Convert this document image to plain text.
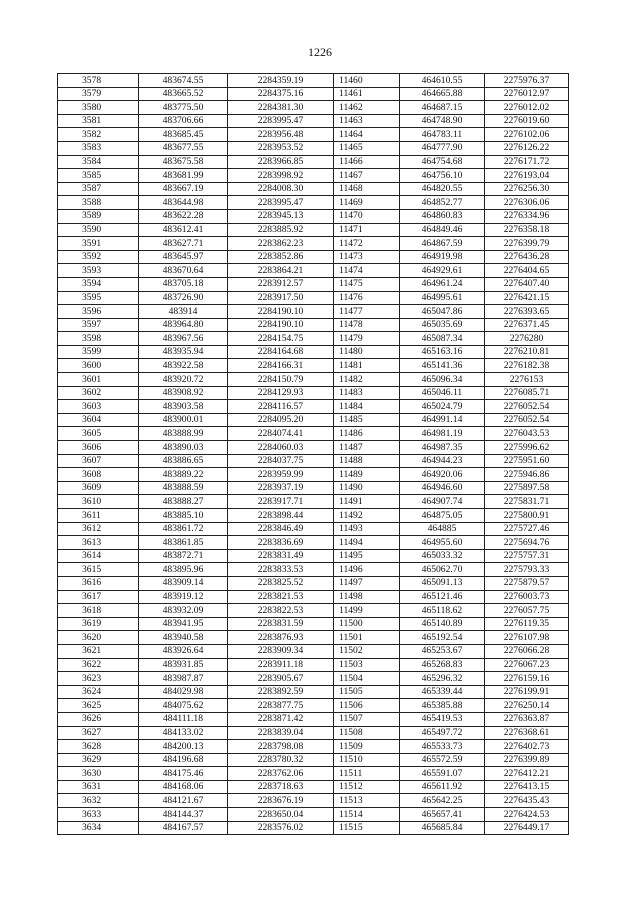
1226
3578	483674.55	2284359.19	11460	464610.55	2275976.37
3579	483665.52	2284375.16	11461	464665.88	2276012.97
3580	483775.50	2284381.30	11462	464687.15	2276012.02
3581	483706.66	2283995.47	11463	464748.90	2276019.60
3582	483685.45	2283956.48	11464	464783.11	2276102.06
3583	483677.55	2283953.52	11465	464777.90	2276126.22
3584	483675.58	2283966.85	11466	464754.68	2276171.72
3585	483681.99	2283998.92	11467	464756.10	2276193.04
3587	483667.19	2284008.30	11468	464820.55	2276256.30
3588	483644.98	2283995.47	11469	464852.77	2276306.06
3589	483622.28	2283945.13	11470	464860.83	2276334.96
3590	483612.41	2283885.92	11471	464849.46	2276358.18
3591	483627.71	2283862.23	11472	464867.59	2276399.79
3592	483645.97	2283852.86	11473	464919.98	2276436.28
3593	483670.64	2283864.21	11474	464929.61	2276404.65
3594	483705.18	2283912.57	11475	464961.24	2276407.40
3595	483726.90	2283917.50	11476	464995.61	2276421.15
3596	483914	2284190.10	11477	465047.86	2276393.65
3597	483964.80	2284190.10	11478	465035.69	2276371.45
3598	483967.56	2284154.75	11479	465087.34	2276280
3599	483935.94	2284164.68	11480	465163.16	2276210.81
3600	483922.58	2284166.31	11481	465141.36	2276182.38
3601	483920.72	2284150.79	11482	465096.34	2276153
3602	483908.92	2284129.93	11483	465046.11	2276085.71
3603	483903.58	2284116.57	11484	465024.79	2276052.54
3604	483900.01	2284095.20	11485	464991.14	2276052.54
3605	483888.99	2284074.41	11486	464981.19	2276043.53
3606	483890.03	2284060.03	11487	464987.35	2275996.62
3607	483886.65	2284037.75	11488	464944.23	2275951.60
3608	483889.22	2283959.99	11489	464920.06	2275946.86
3609	483888.59	2283937.19	11490	464946.60	2275897.58
3610	483888.27	2283917.71	11491	464907.74	2275831.71
3611	483885.10	2283898.44	11492	464875.05	2275800.91
3612	483861.72	2283846.49	11493	464885	2275727.46
3613	483861.85	2283836.69	11494	464955.60	2275694.76
3614	483872.71	2283831.49	11495	465033.32	2275757.31
3615	483895.96	2283833.53	11496	465062.70	2275793.33
3616	483909.14	2283825.52	11497	465091.13	2275879.57
3617	483919.12	2283821.53	11498	465121.46	2276003.73
3618	483932.09	2283822.53	11499	465118.62	2276057.75
3619	483941.95	2283831.59	11500	465140.89	2276119.35
3620	483940.58	2283876.93	11501	465192.54	2276107.98
3621	483926.64	2283909.34	11502	465253.67	2276066.28
3622	483931.85	2283911.18	11503	465268.83	2276067.23
3623	483987.87	2283905.67	11504	465296.32	2276159.16
3624	484029.98	2283892.59	11505	465339.44	2276199.91
3625	484075.62	2283877.75	11506	465385.88	2276250.14
3626	484111.18	2283871.42	11507	465419.53	2276363.87
3627	484133.02	2283839.04	11508	465497.72	2276368.61
3628	484200.13	2283798.08	11509	465533.73	2276402.73
3629	484196.68	2283780.32	11510	465572.59	2276399.89
3630	484175.46	2283762.06	11511	465591.07	2276412.21
3631	484168.06	2283718.63	11512	465611.92	2276413.15
3632	484121.67	2283676.19	11513	465642.25	2276435.43
3633	484144.37	2283650.04	11514	465657.41	2276424.53
3634	484167.57	2283576.02	11515	465685.84	2276449.17
